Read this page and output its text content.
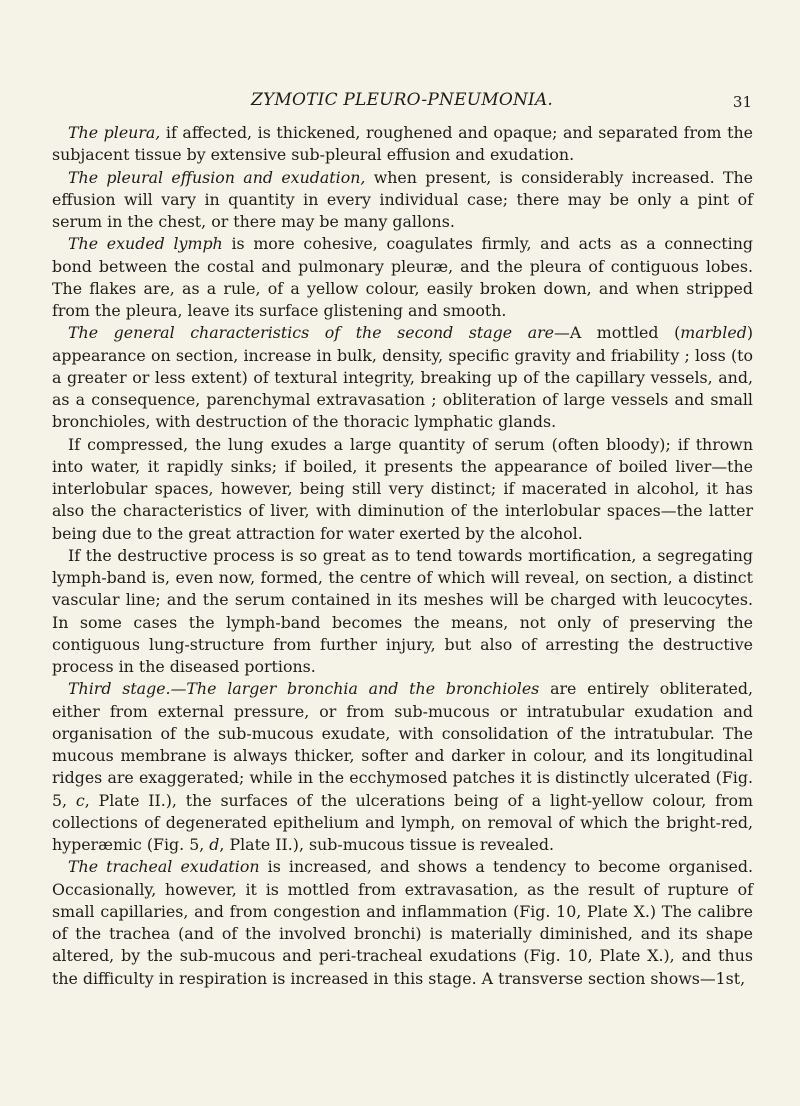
ZYMOTIC PLEURO-PNEUMONIA.	31

The pleura, if affected, is thickened, roughened and opaque; and separated from the subjacent tissue by extensive sub-pleural effusion and exudation.

The pleural effusion and exudation, when present, is considerably increased. The effusion will vary in quantity in every individual case; there may be only a pint of serum in the chest, or there may be many gallons.

The exuded lymph is more cohesive, coagulates firmly, and acts as a connecting bond between the costal and pulmonary pleuræ, and the pleura of contiguous lobes. The flakes are, as a rule, of a yellow colour, easily broken down, and when stripped from the pleura, leave its surface glistening and smooth.

The general characteristics of the second stage are—A mottled (marbled) appearance on section, increase in bulk, density, specific gravity and friability ; loss (to a greater or less extent) of textural integrity, breaking up of the capillary vessels, and, as a consequence, parenchymal extravasation ; obliteration of large vessels and small bronchioles, with destruction of the thoracic lymphatic glands.

If compressed, the lung exudes a large quantity of serum (often bloody); if thrown into water, it rapidly sinks; if boiled, it presents the appearance of boiled liver—the interlobular spaces, however, being still very distinct; if macerated in alcohol, it has also the characteristics of liver, with diminution of the interlobular spaces—the latter being due to the great attraction for water exerted by the alcohol.

If the destructive process is so great as to tend towards mortification, a segregating lymph-band is, even now, formed, the centre of which will reveal, on section, a distinct vascular line; and the serum contained in its meshes will be charged with leucocytes. In some cases the lymph-band becomes the means, not only of preserving the contiguous lung-structure from further injury, but also of arresting the destructive process in the diseased portions.

Third stage.—The larger bronchia and the bronchioles are entirely obliterated, either from external pressure, or from sub-mucous or intratubular exudation and organisation of the sub-mucous exudate, with consolidation of the intratubular. The mucous membrane is always thicker, softer and darker in colour, and its longitudinal ridges are exaggerated; while in the ecchymosed patches it is distinctly ulcerated (Fig. 5, c, Plate II.), the surfaces of the ulcerations being of a light-yellow colour, from collections of degenerated epithelium and lymph, on removal of which the bright-red, hyperæmic (Fig. 5, d, Plate II.), sub-mucous tissue is revealed.

The tracheal exudation is increased, and shows a tendency to become organised. Occasionally, however, it is mottled from extravasation, as the result of rupture of small capillaries, and from congestion and inflammation (Fig. 10, Plate X.) The calibre of the trachea (and of the involved bronchi) is materially diminished, and its shape altered, by the sub-mucous and peri-tracheal exudations (Fig. 10, Plate X.), and thus the difficulty in respiration is increased in this stage. A transverse section shows—1st,
